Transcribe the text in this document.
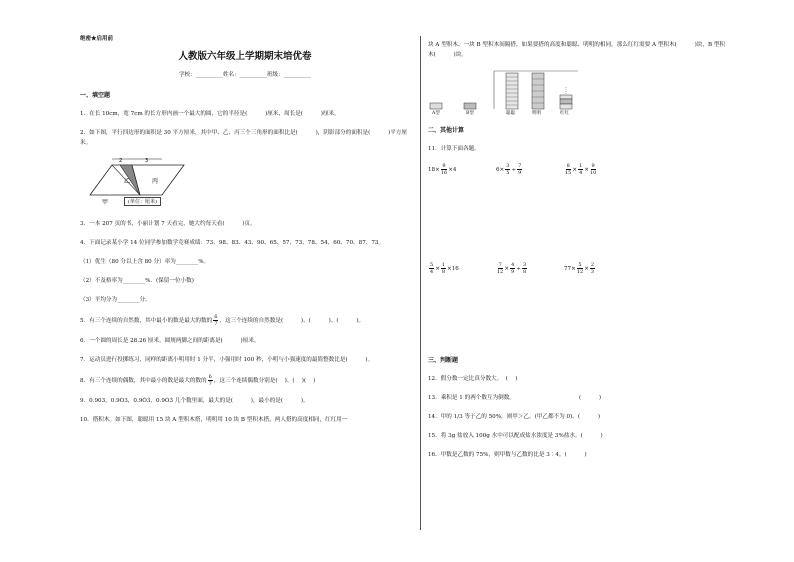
绝密★启用前
人教版六年级上学期期末培优卷
学校：__________姓名：__________班级：__________
一、填空题
1．在长 10cm，宽 7cm 的长方形内画一个最大的圆，它的半径是(          )厘米，周长是(          )厘米。
2．如下图，平行四边形的面积是 30 平方厘米，其中甲、乙、丙三个三角形的面积比是(          )，阴影部分的面积是(          )平方厘米。
2	3
乙	丙
甲	(单位：厘米)
3．一本 207 页的书，小丽计划 7 天看完，她大约每天看(          )页。
4．下面记录某小学 14 位同学参加数学竞赛成绩：73、98、83、43、90、65、57、73、78、54、60、70、87、73。
（1）优生（80 分以上含 80 分）率为________%。
（2）不及格率为________%．(保留一位小数)
（3）平均分为________分。
5．有三个连续的自然数，其中最小的数是最大的数的 $\frac{6}{7}$ ，这三个连续的自然数是(          )、(          )、(          )。
6．一个圆的周长是 28.26 厘米，圆规两脚之间的距离是(          )厘米。
7．运动员进行投掷练习，同样的距离小明用时 1 分半，小强用时 100 秒，小明与小强速度的最简整数比是(          )。
8．有三个连续的偶数，其中最小的数是最大的数的 $\frac{6}{7}$ ，这三个连续偶数分别是(    )、(    )(    )
9．0.903，0.9Ȯ3，0.9Ȯ3̇，0.9Ȯ3̇ 几个数里面，最大的是(          )，最小的是(          )。
10．搭积木。如下图，聪聪用 15 块 A 型积木搭，明明用 10 块 B 型积木搭，两人搭的高度相同，红红用一
块 A 型积木、一块 B 型积木间隔搭，如果要搭的高度和聪聪、明明的相同，那么红红需要 A 型积木(          )块，B 型积木(          )块。
A型	B型	聪聪	明明	红红
二、其他计算
11．计算下面各题。
$18\times \frac{9}{16} \times 4$	$6\times \frac{3}{5} \div \frac{7}{9}$	$\frac{8}{15} \times \frac{1}{4} \times \frac{9}{10}$
$\frac{5}{4} \times \frac{1}{8} \times 16$	$\frac{7}{12} \times \frac{4}{9} \div \frac{3}{8}$	$77\times \frac{5}{12} \times \frac{2}{3}$
三、判断题
12．假分数一定比真分数大。  (    )
13．乘积是 1 的两个数互为倒数。                                    (          )
14．甲的 1/3 等于乙的 50%，则甲＞乙。(甲乙都不为 0)。(          )
15．将 3g 盐放入 100g 水中可以配成盐水浓度是 3%盐水。(          )
16．甲数是乙数的 75%，则甲数与乙数的比是 3∶4。(          )
